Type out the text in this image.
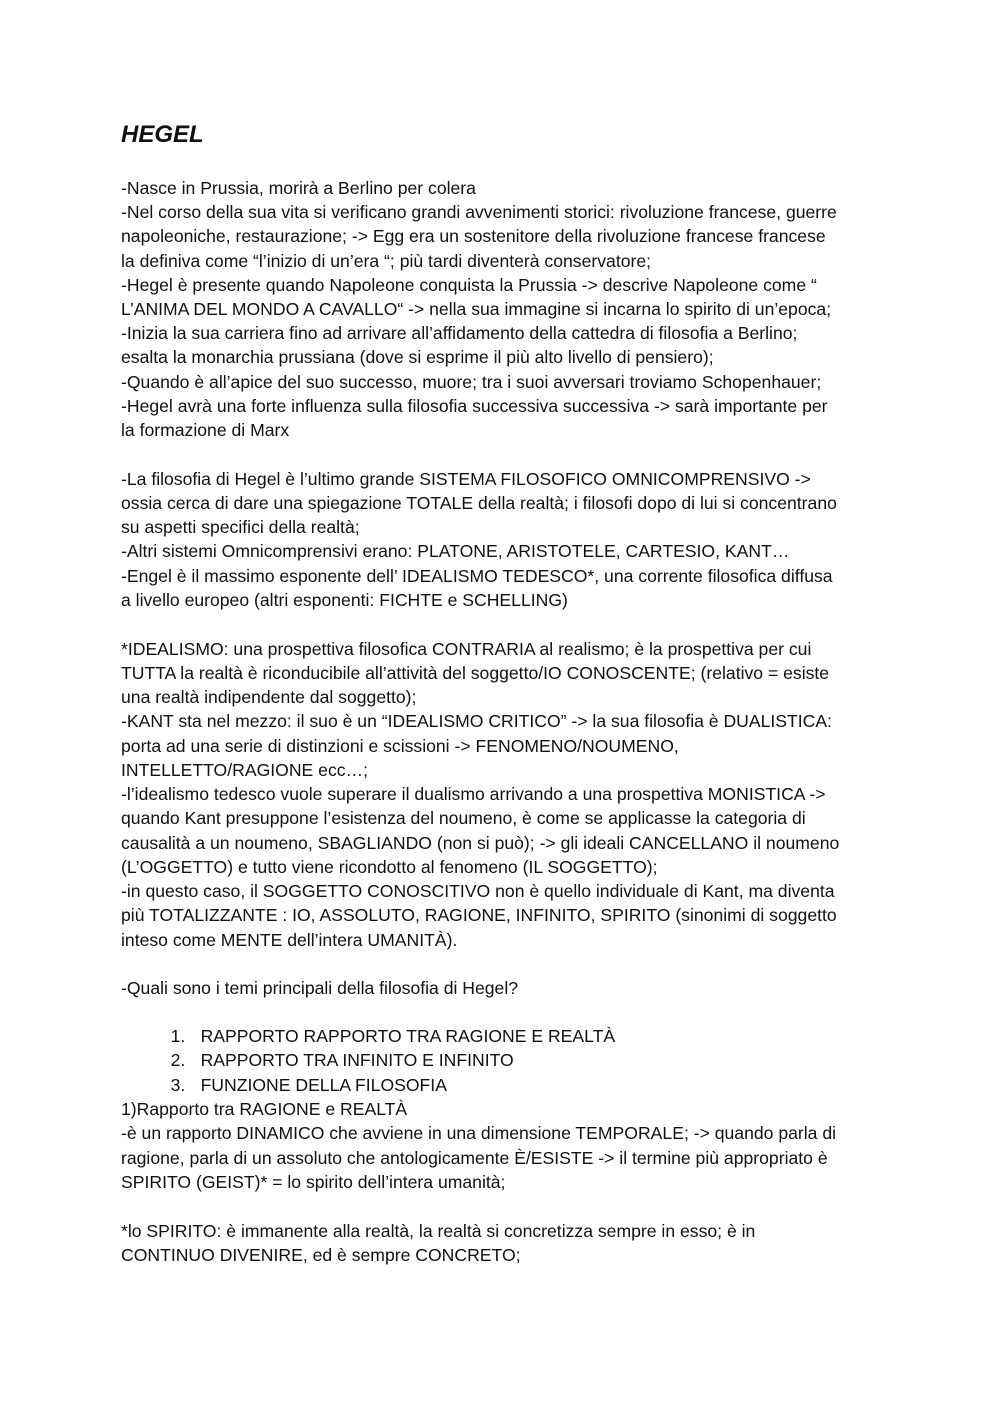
HEGEL
-Nasce in Prussia, morirà a Berlino per colera
-Nel corso della sua vita si verificano grandi avvenimenti storici: rivoluzione francese, guerre
napoleoniche, restaurazione; -> Egg era un sostenitore della rivoluzione francese francese
la definiva come “l’inizio di un’era “; più tardi diventerà conservatore;
-Hegel è presente quando Napoleone conquista la Prussia -> descrive Napoleone come “
L’ANIMA DEL MONDO A CAVALLO“ -> nella sua immagine si incarna lo spirito di un’epoca;
-Inizia la sua carriera fino ad arrivare all’affidamento della cattedra di filosofia a Berlino;
esalta la monarchia prussiana (dove si esprime il più alto livello di pensiero);
-Quando è all’apice del suo successo, muore; tra i suoi avversari troviamo Schopenhauer;
-Hegel avrà una forte influenza sulla filosofia successiva successiva -> sarà importante per
la formazione di Marx
-La filosofia di Hegel è l’ultimo grande SISTEMA FILOSOFICO OMNICOMPRENSIVO ->
ossia cerca di dare una spiegazione TOTALE della realtà; i filosofi dopo di lui si concentrano
su aspetti specifici della realtà;
-Altri sistemi Omnicomprensivi erano: PLATONE, ARISTOTELE, CARTESIO, KANT…
-Engel è il massimo esponente dell’ IDEALISMO TEDESCO*, una corrente filosofica diffusa
a livello europeo (altri esponenti: FICHTE e SCHELLING)
*IDEALISMO: una prospettiva filosofica CONTRARIA al realismo; è la prospettiva per cui
TUTTA la realtà è riconducibile all’attività del soggetto/IO CONOSCENTE; (relativo = esiste
una realtà indipendente dal soggetto);
-KANT sta nel mezzo: il suo è un “IDEALISMO CRITICO” -> la sua filosofia è DUALISTICA:
porta ad una serie di distinzioni e scissioni -> FENOMENO/NOUMENO,
INTELLETTO/RAGIONE ecc…;
-l’idealismo tedesco vuole superare il dualismo arrivando a una prospettiva MONISTICA ->
quando Kant presuppone l’esistenza del noumeno, è come se applicasse la categoria di
causalità a un noumeno, SBAGLIANDO (non si può); -> gli ideali CANCELLANO il noumeno
(L’OGGETTO) e tutto viene ricondotto al fenomeno (IL SOGGETTO);
-in questo caso, il SOGGETTO CONOSCITIVO non è quello individuale di Kant, ma diventa
più TOTALIZZANTE : IO, ASSOLUTO, RAGIONE, INFINITO, SPIRITO (sinonimi di soggetto
inteso come MENTE dell’intera UMANITÀ).
-Quali sono i temi principali della filosofia di Hegel?

1. RAPPORTO RAPPORTO TRA RAGIONE E REALTÀ

2. RAPPORTO TRA INFINITO E INFINITO

3. FUNZIONE DELLA FILOSOFIA

1)Rapporto tra RAGIONE e REALTÀ
-è un rapporto DINAMICO che avviene in una dimensione TEMPORALE; -> quando parla di
ragione, parla di un assoluto che antologicamente È/ESISTE -> il termine più appropriato è
SPIRITO (GEIST)* = lo spirito dell’intera umanità;
*lo SPIRITO: è immanente alla realtà, la realtà si concretizza sempre in esso; è in
CONTINUO DIVENIRE, ed è sempre CONCRETO;
